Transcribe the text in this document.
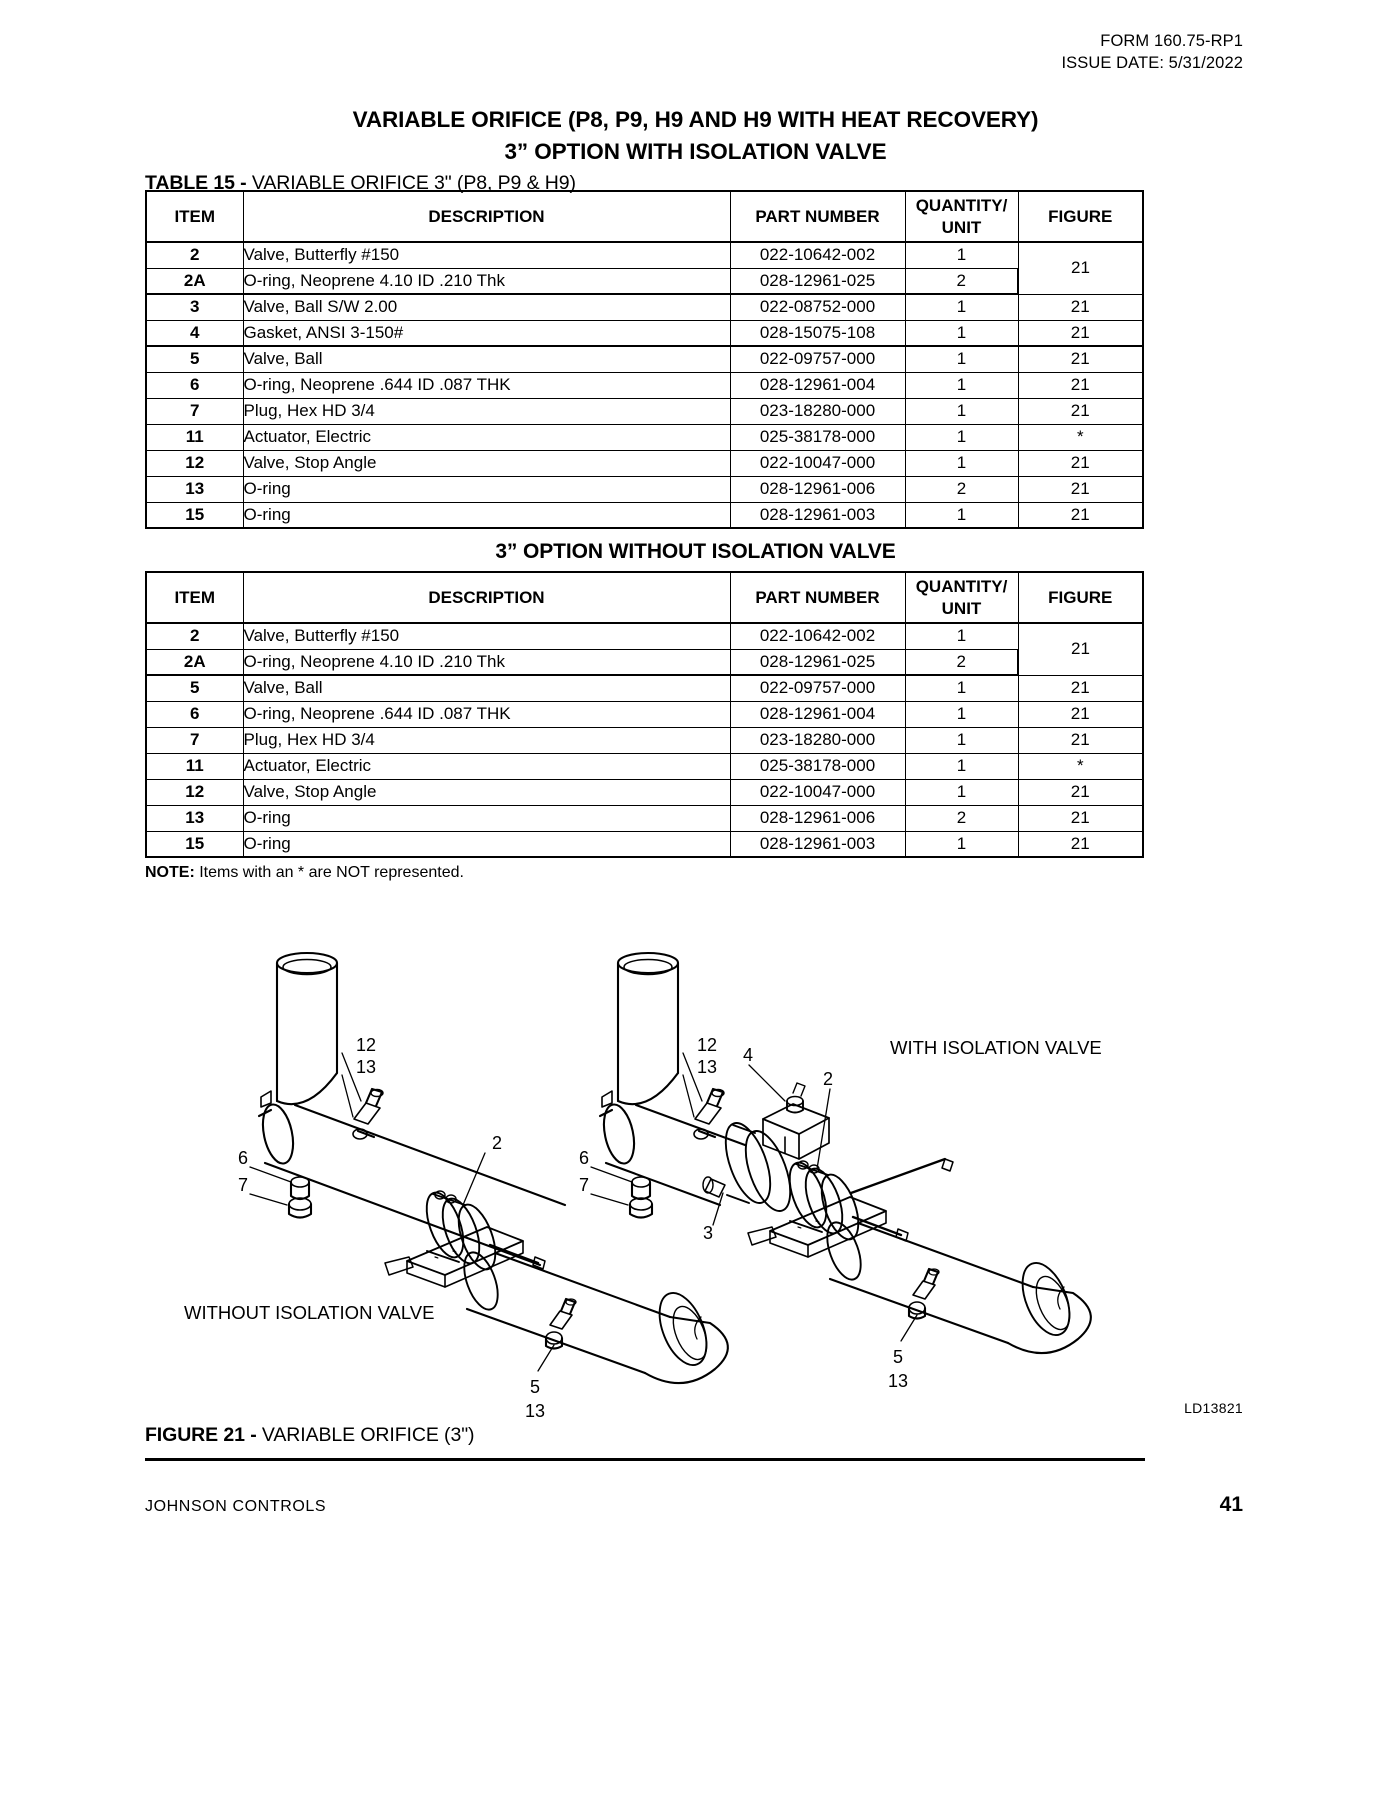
FORM 160.75-RP1
ISSUE DATE: 5/31/2022
VARIABLE ORIFICE (P8, P9, H9 AND H9 WITH HEAT RECOVERY)
3” OPTION WITH ISOLATION VALVE
TABLE 15 - VARIABLE ORIFICE 3" (P8, P9 & H9)
ITEM	DESCRIPTION	PART NUMBER	QUANTITY/
UNIT	FIGURE
2	Valve, Butterfly #150	022-10642-002	1	21
2A	O-ring, Neoprene 4.10 ID .210 Thk	028-12961-025	2	
3	Valve, Ball S/W 2.00	022-08752-000	1	21
4	Gasket, ANSI 3-150#	028-15075-108	1	21
5	Valve, Ball	022-09757-000	1	21
6	O-ring, Neoprene .644 ID .087 THK	028-12961-004	1	21
7	Plug, Hex HD 3/4	023-18280-000	1	21
11	Actuator, Electric	025-38178-000	1	*
12	Valve, Stop Angle	022-10047-000	1	21
13	O-ring	028-12961-006	2	21
15	O-ring	028-12961-003	1	21
3” OPTION WITHOUT ISOLATION VALVE
ITEM	DESCRIPTION	PART NUMBER	QUANTITY/
UNIT	FIGURE
2	Valve, Butterfly #150	022-10642-002	1	21
2A	O-ring, Neoprene 4.10 ID .210 Thk	028-12961-025	2	
5	Valve, Ball	022-09757-000	1	21
6	O-ring, Neoprene .644 ID .087 THK	028-12961-004	1	21
7	Plug, Hex HD 3/4	023-18280-000	1	21
11	Actuator, Electric	025-38178-000	1	*
12	Valve, Stop Angle	022-10047-000	1	21
13	O-ring	028-12961-006	2	21
15	O-ring	028-12961-003	1	21
NOTE: Items with an * are NOT represented.
WITH ISOLATION VALVE
WITHOUT ISOLATION VALVE
12
13
6
7
2
5
13
12
13
4
2
6
7
3
5
13
LD13821
FIGURE 21 - VARIABLE ORIFICE (3")
JOHNSON CONTROLS	41
